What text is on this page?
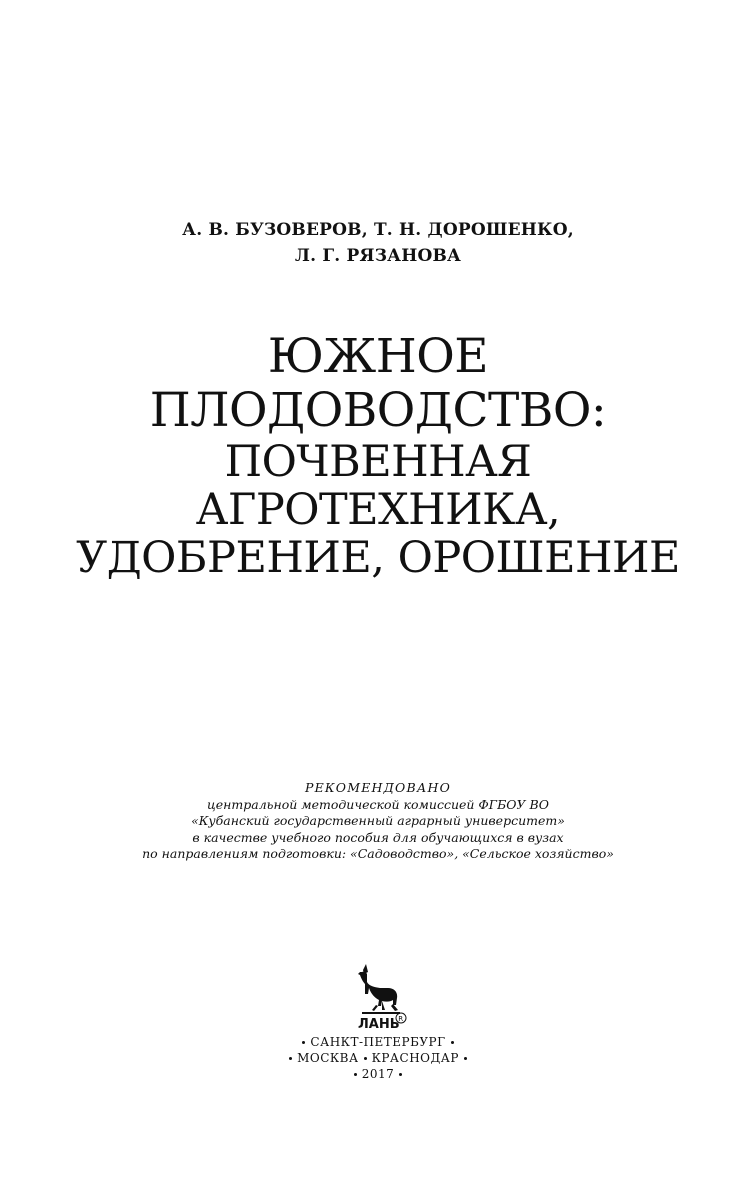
А. В. БУЗОВЕРОВ, Т. Н. ДОРОШЕНКО,
Л. Г. РЯЗАНОВА
ЮЖНОЕ
ПЛОДОВОДСТВО:
ПОЧВЕННАЯ
АГРОТЕХНИКА,
УДОБРЕНИЕ, ОРОШЕНИЕ
РЕКОМЕНДОВАНО
центральной методической комиссией ФГБОУ ВО
«Кубанский государственный аграрный университет»
в качестве учебного пособия для обучающихся в вузах
по направлениям подготовки: «Садоводство», «Сельское хозяйство»
ЛАНЬ
R
САНКТ-ПЕТЕРБУРГ
МОСКВА КРАСНОДАР
2017
